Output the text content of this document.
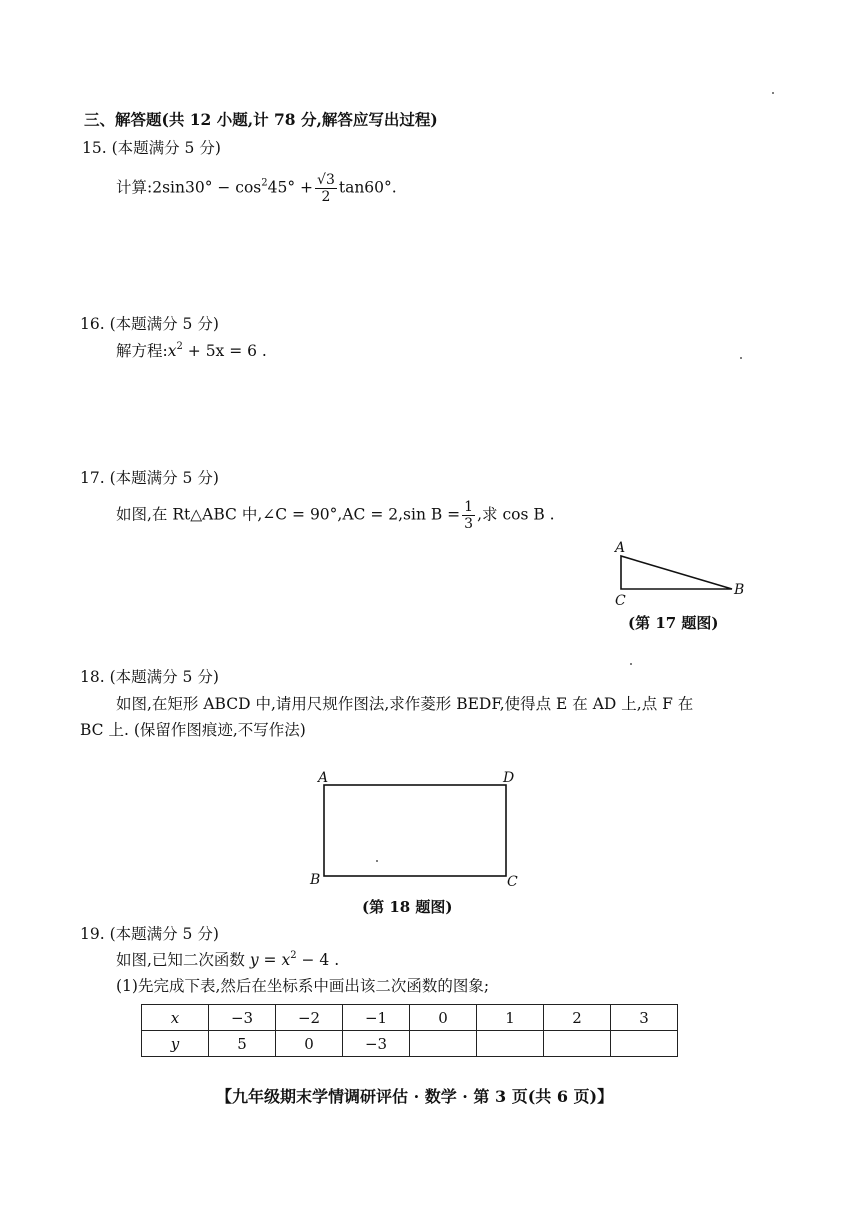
三、解答题(共 12 小题,计 78 分,解答应写出过程)
15. (本题满分 5 分)
计算:2sin30° − $\cos^245^\circ + \frac{√3}{2} \tan 60^\circ$.
16. (本题满分 5 分)
解方程$:x^2 + 5x = 6$ .
17. (本题满分 5 分)
如图,在 Rt△ABC 中,∠C = 90°,AC = 2,sin $B = \frac{1}{3}$ ,求 cos B .
A
B
C
(第 17 题图)
18. (本题满分 5 分)
如图,在矩形 ABCD 中,请用尺规作图法,求作菱形 BEDF,使得点 E 在 AD 上,点 F 在
BC 上. (保留作图痕迹,不写作法)
A	D
B	C
(第 18 题图)
19. (本题满分 5 分)
如图,已知二次函数 $y = x^2 - 4$ .
(1)先完成下表,然后在坐标系中画出该二次函数的图象;
x	−3	−2	−1	0	1	2	3
y	5	0	−3				
【九年级期末学情调研评估 · 数学 · 第 3 页(共 6 页)】
